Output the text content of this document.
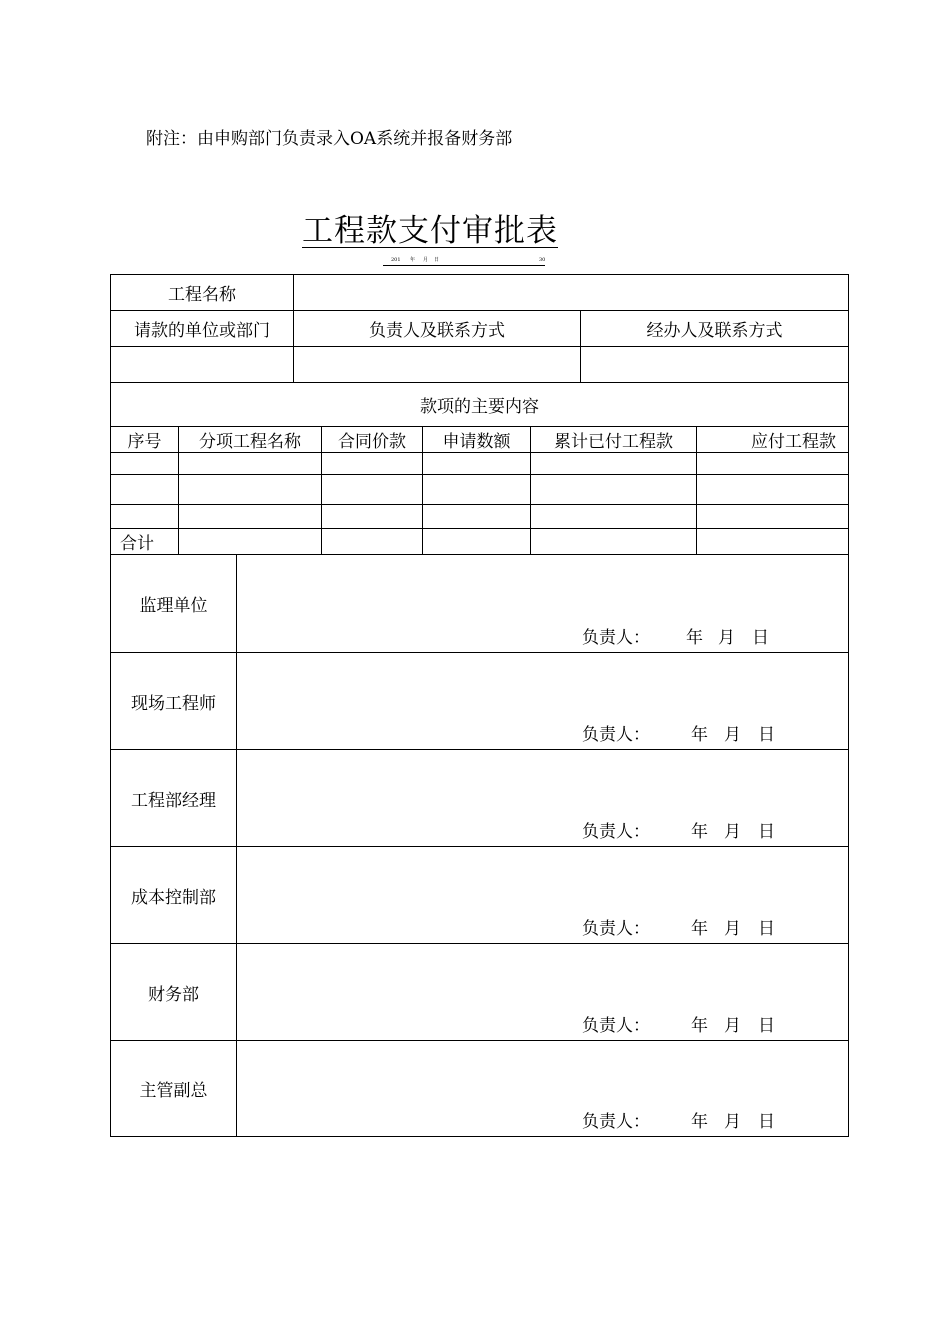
附注：由申购部门负责录入OA系统并报备财务部
工程款支付审批表
201 年 月 日	30
工程名称		
请款的单位或部门	负责人及联系方式	经办人及联系方式

款项的主要内容		
序号	分项工程名称	合同价款	申请数额	累计已付工程款	应付工程款

合计					
监理单位	负责人： 年 月 日

现场工程师	负责人： 年 月 日

工程部经理	负责人： 年 月 日

成本控制部	负责人： 年 月 日

财务部	负责人： 年 月 日

主管副总	负责人： 年 月 日
